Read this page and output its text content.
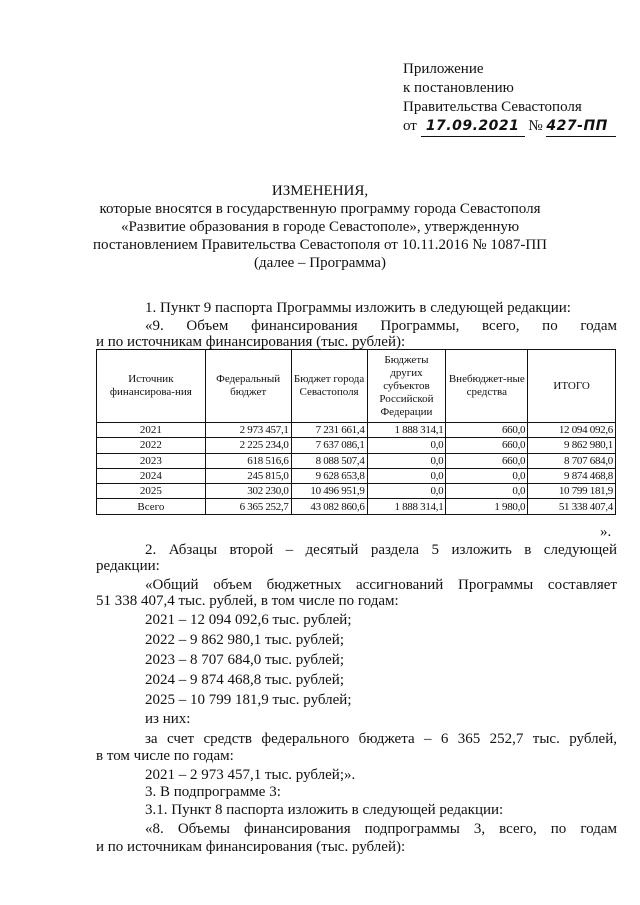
Приложение
к постановлению
Правительства Севастополя
от 17.09.2021 № 427-ПП
ИЗМЕНЕНИЯ,
которые вносятся в государственную программу города Севастополя
«Развитие образования в городе Севастополе», утвержденную
постановлением Правительства Севастополя от 10.11.2016 № 1087-ПП
(далее – Программа)
1. Пункт 9 паспорта Программы изложить в следующей редакции:
«9. Объем финансирования Программы, всего, по годам
и по источникам финансирования (тыс. рублей):
Источник финансирова-ния	Федеральный бюджет	Бюджет города Севастополя	Бюджеты других субъектов Российской Федерации	Внебюджет-ные средства	ИТОГО
2021	2 973 457,1	7 231 661,4	1 888 314,1	660,0	12 094 092,6
2022	2 225 234,0	7 637 086,1	0,0	660,0	9 862 980,1
2023	618 516,6	8 088 507,4	0,0	660,0	8 707 684,0
2024	245 815,0	9 628 653,8	0,0	0,0	9 874 468,8
2025	302 230,0	10 496 951,9	0,0	0,0	10 799 181,9
Всего	6 365 252,7	43 082 860,6	1 888 314,1	1 980,0	51 338 407,4
».
2. Абзацы второй – десятый раздела 5 изложить в следующей
редакции:
«Общий объем бюджетных ассигнований Программы составляет
51 338 407,4 тыс. рублей, в том числе по годам:
2021 – 12 094 092,6 тыс. рублей;
2022 – 9 862 980,1 тыс. рублей;
2023 – 8 707 684,0 тыс. рублей;
2024 – 9 874 468,8 тыс. рублей;
2025 – 10 799 181,9 тыс. рублей;
из них:
за счет средств федерального бюджета – 6 365 252,7 тыс. рублей,
в том числе по годам:
2021 – 2 973 457,1 тыс. рублей;».
3. В подпрограмме 3:
3.1. Пункт 8 паспорта изложить в следующей редакции:
«8. Объемы финансирования подпрограммы 3, всего, по годам
и по источникам финансирования (тыс. рублей):
